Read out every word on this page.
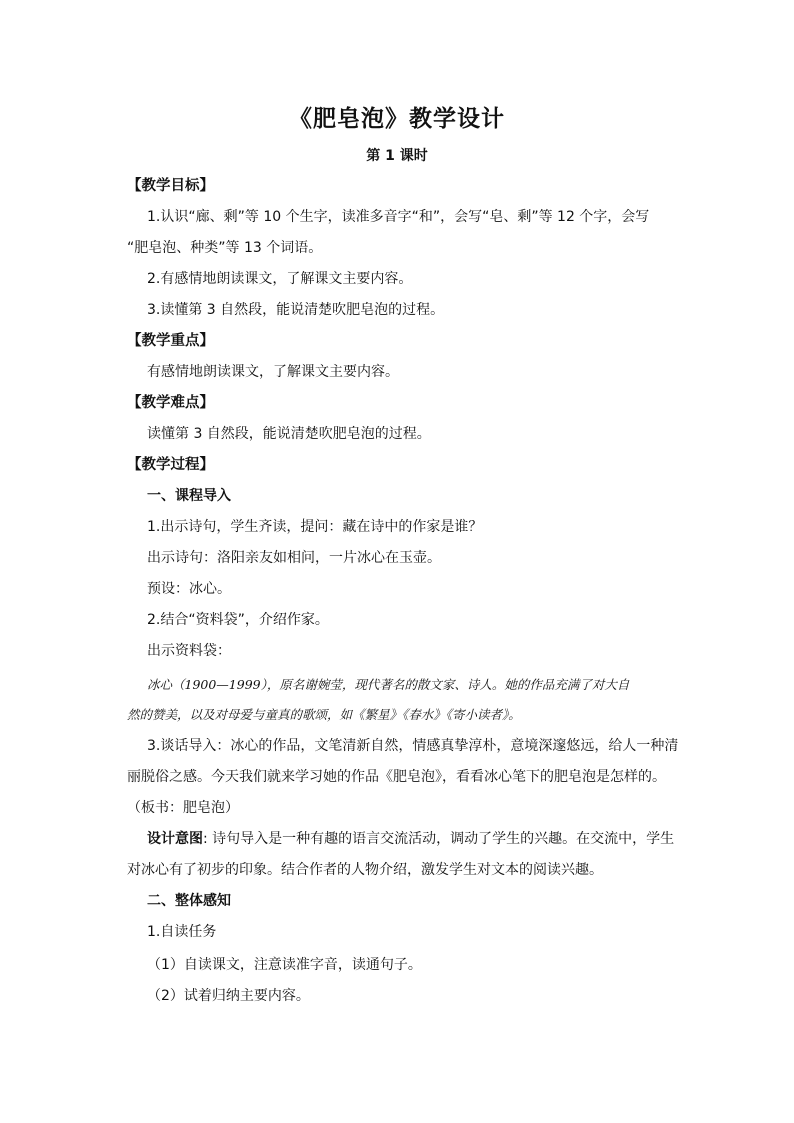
《肥皂泡》教学设计
第 1 课时
【教学目标】
1.认识“廊、剩”等 10 个生字，读准多音字“和”，会写“皂、剩”等 12 个字，会写
“肥皂泡、种类”等 13 个词语。
2.有感情地朗读课文，了解课文主要内容。
3.读懂第 3 自然段，能说清楚吹肥皂泡的过程。
【教学重点】
有感情地朗读课文，了解课文主要内容。
【教学难点】
读懂第 3 自然段，能说清楚吹肥皂泡的过程。
【教学过程】
一、课程导入
1.出示诗句，学生齐读，提问：藏在诗中的作家是谁？
出示诗句：洛阳亲友如相问，一片冰心在玉壶。
预设：冰心。
2.结合“资料袋”，介绍作家。
出示资料袋：
冰心（1900—1999），原名谢婉莹，现代著名的散文家、诗人。她的作品充满了对大自
然的赞美，以及对母爱与童真的歌颂，如《繁星》《春水》《寄小读者》。
3.谈话导入：冰心的作品，文笔清新自然，情感真挚淳朴，意境深邃悠远，给人一种清
丽脱俗之感。今天我们就来学习她的作品《肥皂泡》，看看冰心笔下的肥皂泡是怎样的。
（板书：肥皂泡）
设计意图: 诗句导入是一种有趣的语言交流活动，调动了学生的兴趣。在交流中，学生
对冰心有了初步的印象。结合作者的人物介绍，激发学生对文本的阅读兴趣。
二、整体感知
1.自读任务
（1）自读课文，注意读准字音，读通句子。
（2）试着归纳主要内容。
